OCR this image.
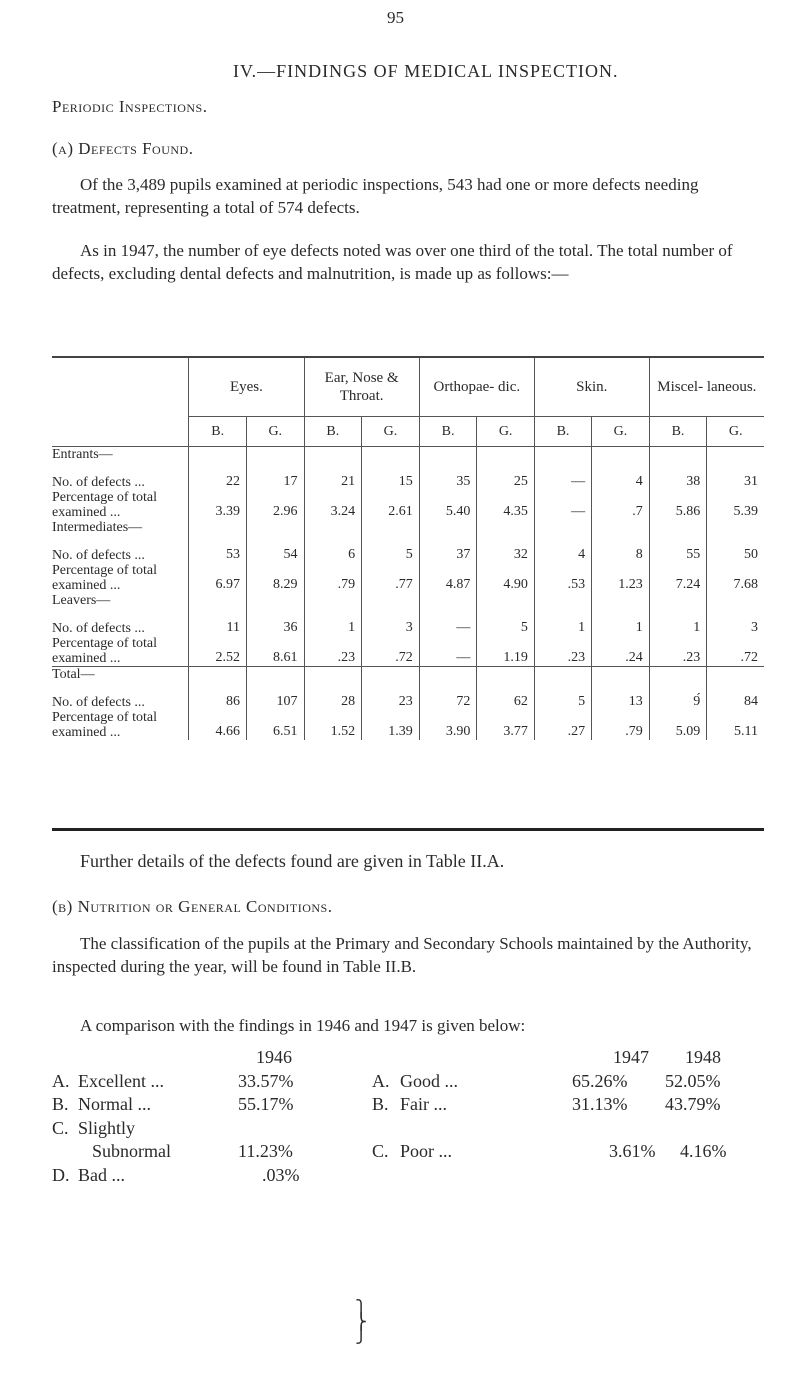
95
IV.—FINDINGS OF MEDICAL INSPECTION.
Periodic Inspections.
(a) Defects Found.

Of the 3,489 pupils examined at periodic inspections, 543 had one or more defects needing treatment, representing a total of 574 defects.

As in 1947, the number of eye defects noted was over one third of the total. The total number of defects, excluding dental defects and malnutrition, is made up as follows:—

	Eyes.		Ear, Nose & Throat.		Orthopae- dic.		Skin.		Miscel- laneous.	
	B.	G.	B.	G.	B.	G.	B.	G.	B.	G.
Entrants—										
No. of defects ...	22	17	21	15	35	25	—	4	38	31
Percentage of total
examined ...	3.39	2.96	3.24	2.61	5.40	4.35	—	.7	5.86	5.39
Intermediates—										
No. of defects ...	53	54	6	5	37	32	4	8	55	50
Percentage of total
examined ...	6.97	8.29	.79	.77	4.87	4.90	.53	1.23	7.24	7.68
Leavers—										
No. of defects ...	11	36	1	3	—	5	1	1	1	3
Percentage of total
examined ...	2.52	8.61	.23	.72	—	1.19	.23	.24	.23	.72
Total—										
No. of defects ...	86	107	28	23	72	62	5	13	9́	84
Percentage of total
examined ...	4.66	6.51	1.52	1.39	3.90	3.77	.27	.79	5.09	5.11

Further details of the defects found are given in Table II.A.

(b) Nutrition or General Conditions.

The classification of the pupils at the Primary and Secondary Schools maintained by the Authority, inspected during the year, will be found in Table II.B.

A comparison with the findings in 1946 and 1947 is given below:

1946	1947 1948
A. Excellent ...	33.57%
B. Normal ...	55.17%
C. Slightly
Subnormal	11.23%
D. Bad ...	.03%
A. Good ...	65.26% 52.05%
B. Fair ...	31.13% 43.79%
C. Poor ...	3.61% 4.16%
⎫
⎬
⎭
